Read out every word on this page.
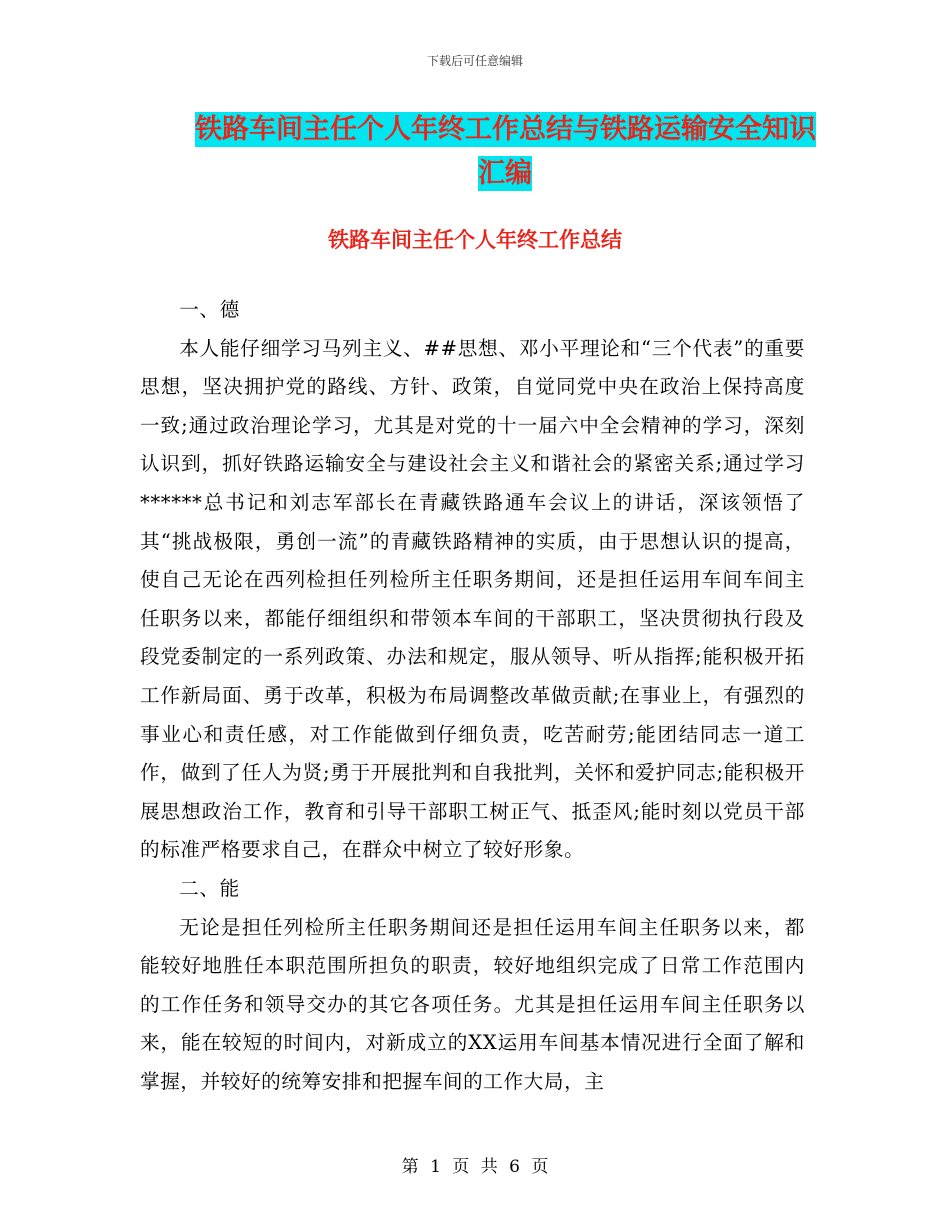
下载后可任意编辑
铁路车间主任个人年终工作总结与铁路运输安全知识
汇编
铁路车间主任个人年终工作总结

一、德

本人能仔细学习马列主义、##思想、邓小平理论和“三个代表”的重要思想，坚决拥护党的路线、方针、政策，自觉同党中央在政治上保持高度一致;通过政治理论学习，尤其是对党的十一届六中全会精神的学习，深刻认识到，抓好铁路运输安全与建设社会主义和谐社会的紧密关系;通过学习******总书记和刘志军部长在青藏铁路通车会议上的讲话，深该领悟了其“挑战极限，勇创一流”的青藏铁路精神的实质，由于思想认识的提高，使自己无论在西列检担任列检所主任职务期间，还是担任运用车间车间主任职务以来，都能仔细组织和带领本车间的干部职工，坚决贯彻执行段及段党委制定的一系列政策、办法和规定，服从领导、听从指挥;能积极开拓工作新局面、勇于改革，积极为布局调整改革做贡献;在事业上，有强烈的事业心和责任感，对工作能做到仔细负责，吃苦耐劳;能团结同志一道工作，做到了任人为贤;勇于开展批判和自我批判，关怀和爱护同志;能积极开展思想政治工作，教育和引导干部职工树正气、抵歪风;能时刻以党员干部的标准严格要求自己，在群众中树立了较好形象。

二、能

无论是担任列检所主任职务期间还是担任运用车间主任职务以来，都能较好地胜任本职范围所担负的职责，较好地组织完成了日常工作范围内的工作任务和领导交办的其它各项任务。尤其是担任运用车间主任职务以来，能在较短的时间内，对新成立的XX运用车间基本情况进行全面了解和掌握，并较好的统筹安排和把握车间的工作大局，主

第 1 页 共 6 页
